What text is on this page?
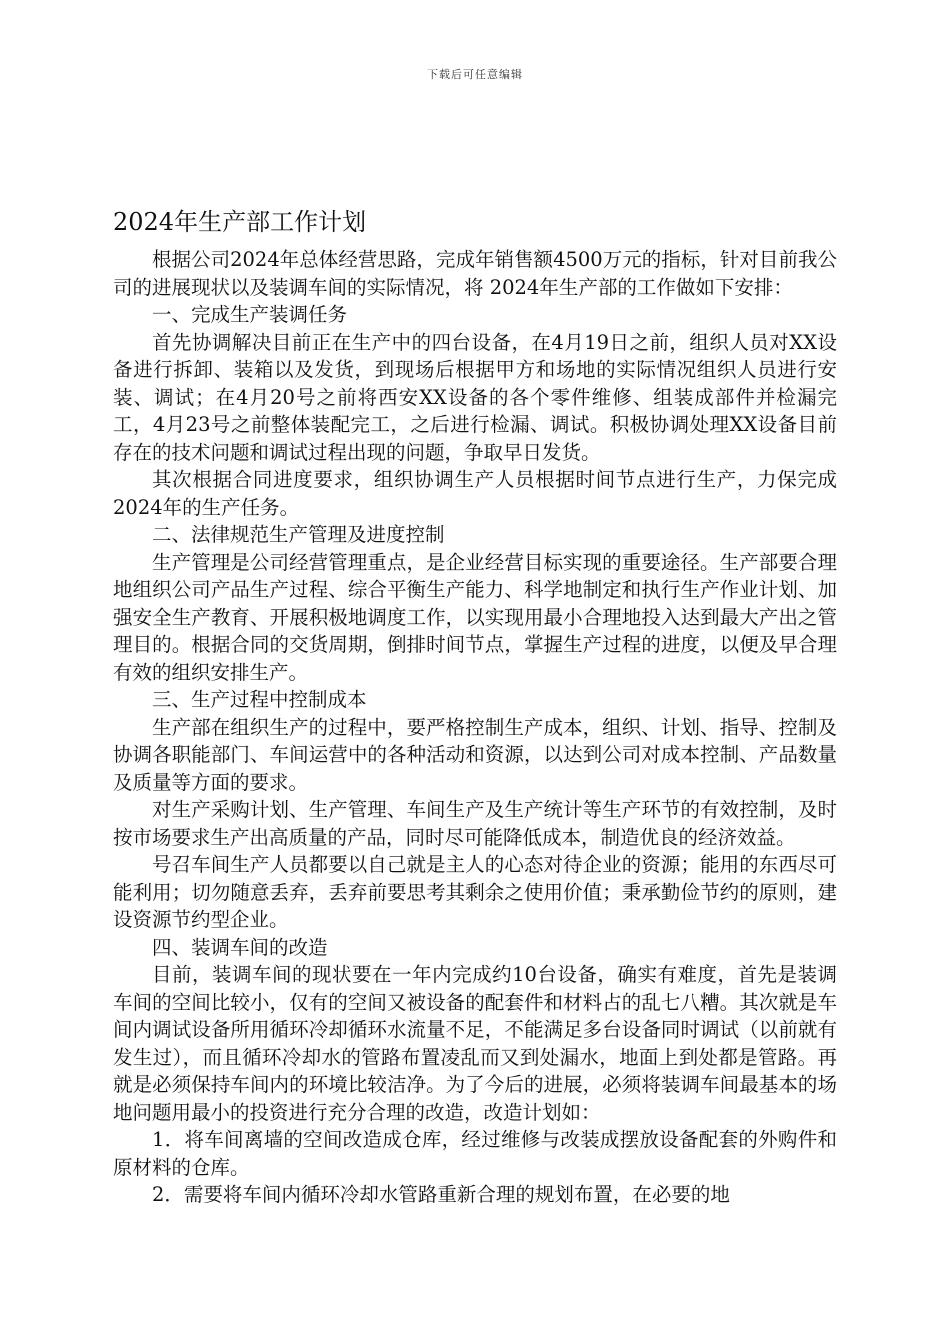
下载后可任意编辑
2024年生产部工作计划

根据公司2024年总体经营思路，完成年销售额4500万元的指标，针对目前我公司的进展现状以及装调车间的实际情况，将 2024年生产部的工作做如下安排：

一、完成生产装调任务

首先协调解决目前正在生产中的四台设备，在4月19日之前，组织人员对XX设备进行拆卸、装箱以及发货，到现场后根据甲方和场地的实际情况组织人员进行安装、调试；在4月20号之前将西安XX设备的各个零件维修、组装成部件并检漏完工，4月23号之前整体装配完工，之后进行检漏、调试。积极协调处理XX设备目前存在的技术问题和调试过程出现的问题，争取早日发货。

其次根据合同进度要求，组织协调生产人员根据时间节点进行生产，力保完成2024年的生产任务。

二、法律规范生产管理及进度控制

生产管理是公司经营管理重点，是企业经营目标实现的重要途径。生产部要合理地组织公司产品生产过程、综合平衡生产能力、科学地制定和执行生产作业计划、加强安全生产教育、开展积极地调度工作，以实现用最小合理地投入达到最大产出之管理目的。根据合同的交货周期，倒排时间节点，掌握生产过程的进度，以便及早合理有效的组织安排生产。

三、生产过程中控制成本

生产部在组织生产的过程中，要严格控制生产成本，组织、计划、指导、控制及协调各职能部门、车间运营中的各种活动和资源，以达到公司对成本控制、产品数量及质量等方面的要求。

对生产采购计划、生产管理、车间生产及生产统计等生产环节的有效控制，及时按市场要求生产出高质量的产品，同时尽可能降低成本，制造优良的经济效益。

号召车间生产人员都要以自己就是主人的心态对待企业的资源；能用的东西尽可能利用；切勿随意丢弃，丢弃前要思考其剩余之使用价值；秉承勤俭节约的原则，建设资源节约型企业。

四、装调车间的改造

目前，装调车间的现状要在一年内完成约10台设备，确实有难度，首先是装调车间的空间比较小，仅有的空间又被设备的配套件和材料占的乱七八糟。其次就是车间内调试设备所用循环冷却循环水流量不足，不能满足多台设备同时调试（以前就有发生过），而且循环冷却水的管路布置凌乱而又到处漏水，地面上到处都是管路。再就是必须保持车间内的环境比较洁净。为了今后的进展，必须将装调车间最基本的场地问题用最小的投资进行充分合理的改造，改造计划如：

1．将车间离墙的空间改造成仓库，经过维修与改装成摆放设备配套的外购件和原材料的仓库。

2．需要将车间内循环冷却水管路重新合理的规划布置，在必要的地
